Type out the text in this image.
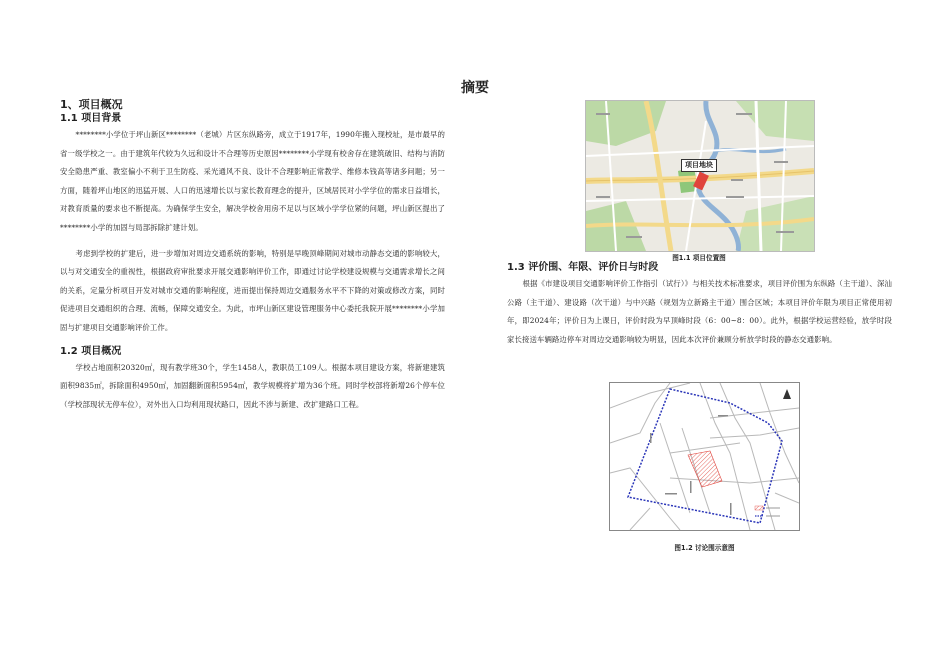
摘要
1、项目概况
1.1 项目背景

********小学位于坪山新区********（老城）片区东纵路旁，成立于1917年，1990年搬入现校址，是市最早的省一级学校之一。由于建筑年代较为久远和设计不合理等历史原因********小学现有校舍存在建筑破旧、结构与消防安全隐患严重、教室偏小不利于卫生防疫、采光通风不良、设计不合理影响正常教学、维修本钱高等诸多问题；另一方面，随着坪山地区的迅猛开展、人口的迅速增长以与家长教育理念的提升，区域居民对小学学位的需求日益增长，对教育质量的要求也不断提高。为确保学生安全，解决学校舍用房不足以与区域小学学位紧的问题，坪山新区提出了********小学的加固与局部拆除扩建计划。

考虑到学校的扩建后，进一步增加对周边交通系统的影响，特别是早晚顶峰期间对城市动静态交通的影响较大，以与对交通安全的重视性，根据政府审批要求开展交通影响评价工作，即通过讨论学校建设规模与交通需求增长之间的关系，定量分析项目开发对城市交通的影响程度，进而提出保持周边交通服务水平不下降的对策或修改方案，同时促进项目交通组织的合理、流畅，保障交通安全。为此，市坪山新区建设管理服务中心委托我院开展********小学加固与扩建项目交通影响评价工作。

1.2 项目概况

学校占地面积20320㎡，现有教学班30个，学生1458人，教职员工109人。根据本项目建设方案，将新建建筑面积9835㎡，拆除面积4950㎡，加固翻新面积5954㎡，教学规模将扩增为36个班。同时学校部将新增26个停车位（学校部现状无停车位），对外出入口均利用现状路口，因此不涉与新建、改扩建路口工程。

项目地块
图1.1 项目位置图
1.3 评价围、年限、评价日与时段

根据《市建设项目交通影响评价工作指引（试行）》与相关技术标准要求，项目评价围为东纵路（主干道）、深汕公路（主干道）、建设路（次干道）与中兴路（规划为立新路主干道）围合区域；本项目评价年限为项目正常使用初年，即2024年；评价日为上课日，评价时段为早顶峰时段（6：00~8：00）。此外，根据学校运营经验，放学时段家长接送车辆路边停车对周边交通影响较为明显，因此本次评价兼顾分析放学时段的静态交通影响。

图1.2 讨论围示意图
